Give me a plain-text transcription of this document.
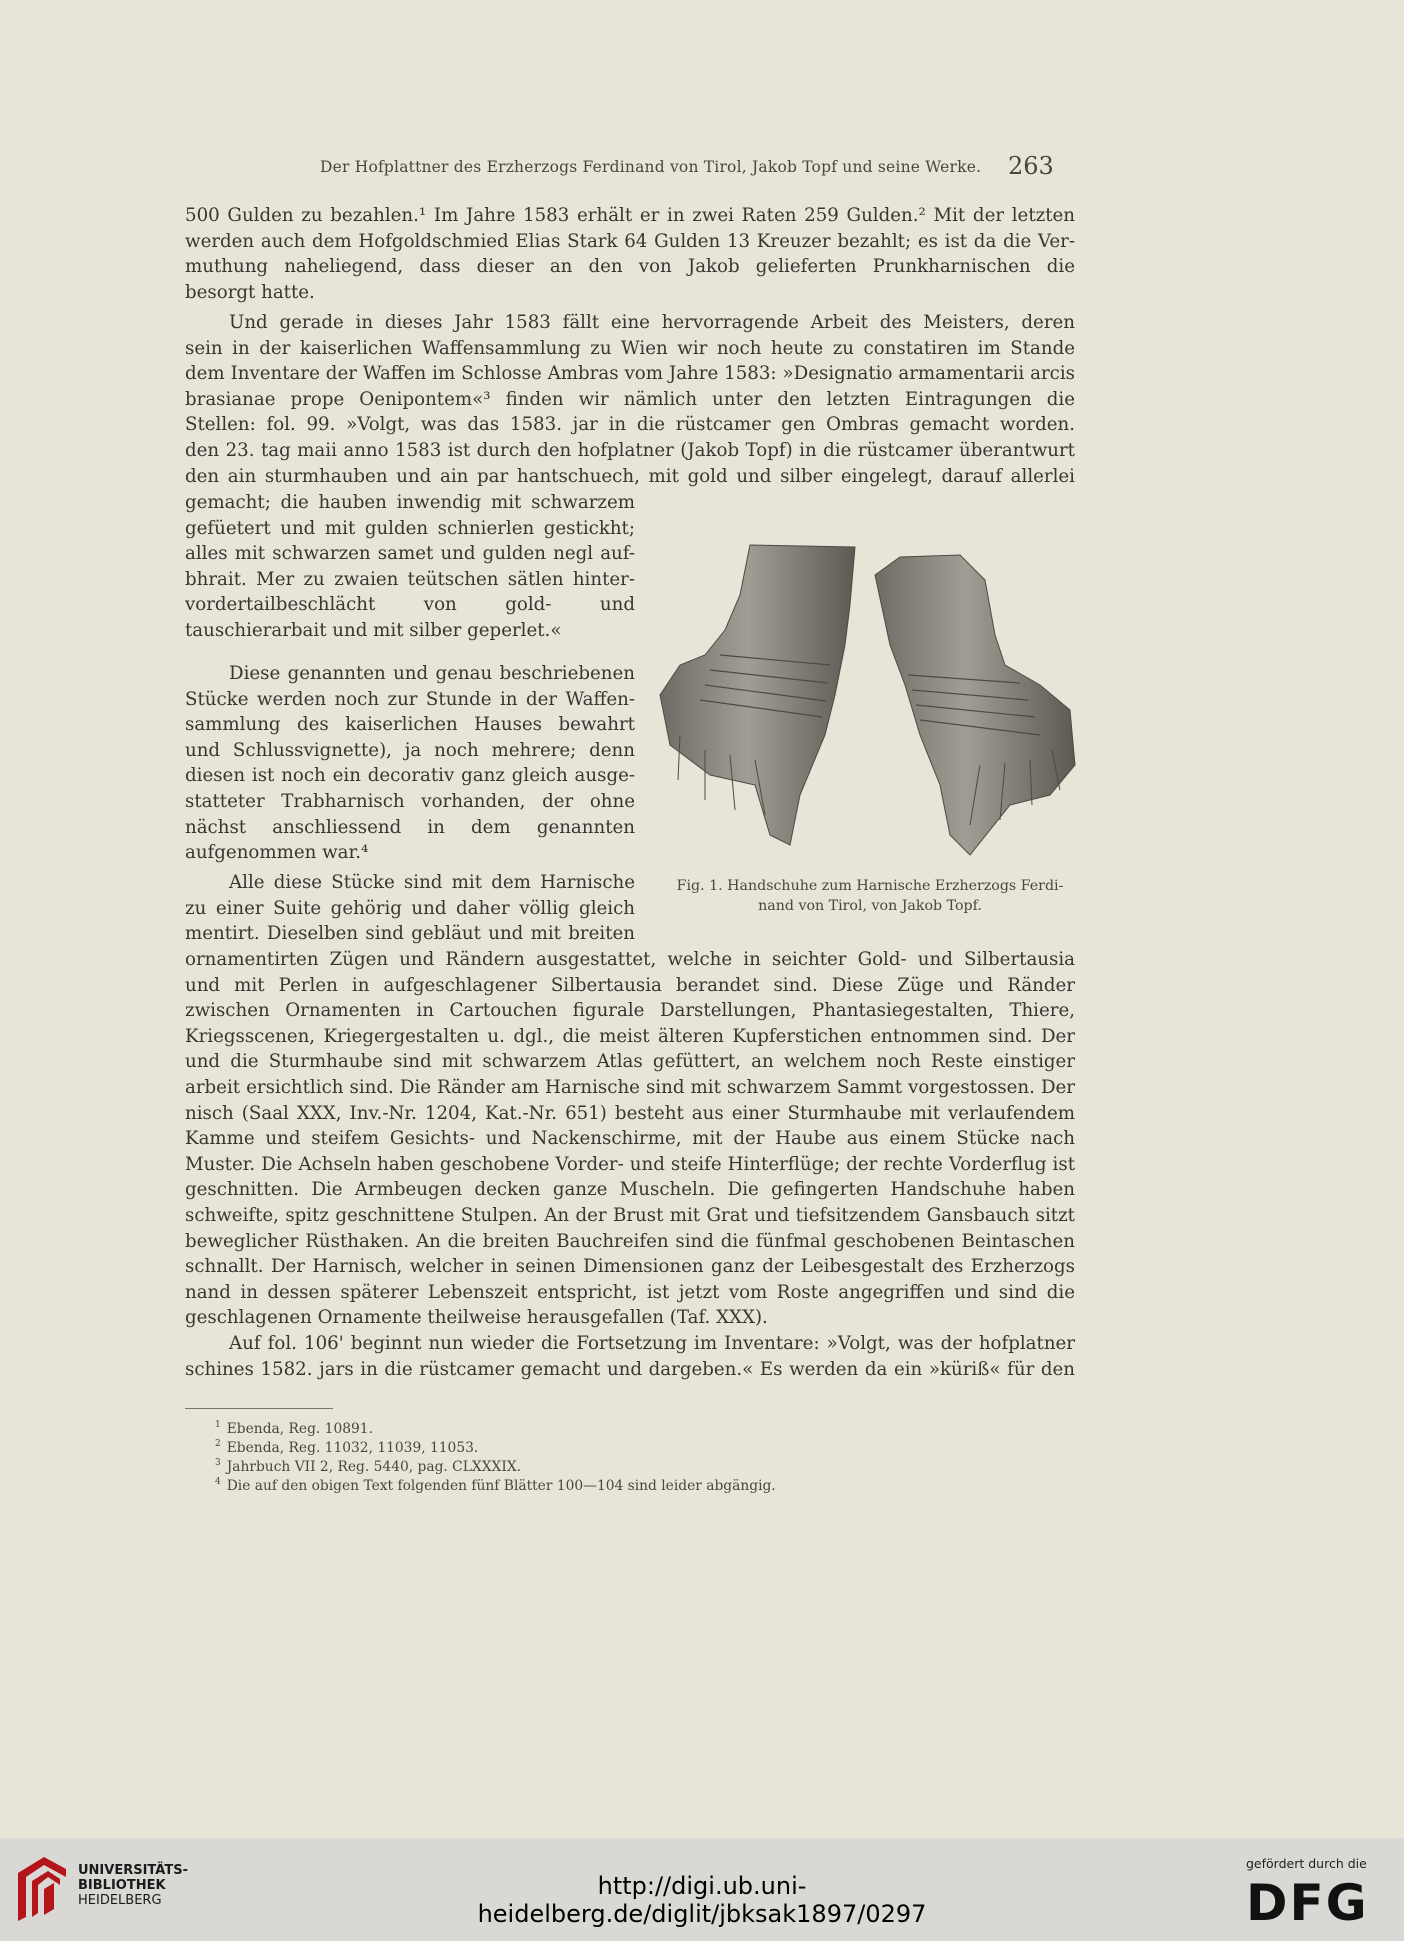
Der Hofplattner des Erzherzogs Ferdinand von Tirol, Jakob Topf und seine Werke.	263
500 Gulden zu bezahlen.¹ Im Jahre 1583 erhält er in zwei Raten 259 Gulden.² Mit der letzten
werden auch dem Hofgoldschmied Elias Stark 64 Gulden 13 Kreuzer bezahlt; es ist da die Ver-
muthung naheliegend, dass dieser an den von Jakob gelieferten Prunkharnischen die
besorgt hatte.
Und gerade in dieses Jahr 1583 fällt eine hervorragende Arbeit des Meisters, deren
sein in der kaiserlichen Waffensammlung zu Wien wir noch heute zu constatiren im Stande
dem Inventare der Waffen im Schlosse Ambras vom Jahre 1583: »Designatio armamentarii arcis
brasianae prope Oenipontem«³ finden wir nämlich unter den letzten Eintragungen die
Stellen: fol. 99. »Volgt, was das 1583. jar in die rüstcamer gen Ombras gemacht worden.
den 23. tag maii anno 1583 ist durch den hofplatner (Jakob Topf) in die rüstcamer überantwurt
den ain sturmhauben und ain par hantschuech, mit gold und silber eingelegt, darauf allerlei
gemacht; die hauben inwendig mit schwarzem
gefüetert und mit gulden schnierlen gestickht;
alles mit schwarzen samet und gulden negl auf-
bhrait. Mer zu zwaien teütschen sätlen hinter-
vordertailbeschlächt von gold- und
tauschierarbait und mit silber geperlet.«
Diese genannten und genau beschriebenen
Stücke werden noch zur Stunde in der Waffen-
sammlung des kaiserlichen Hauses bewahrt
und Schlussvignette), ja noch mehrere; denn
diesen ist noch ein decorativ ganz gleich ausge-
statteter Trabharnisch vorhanden, der ohne
nächst anschliessend in dem genannten
aufgenommen war.⁴
Alle diese Stücke sind mit dem Harnische
zu einer Suite gehörig und daher völlig gleich
mentirt. Dieselben sind gebläut und mit breiten
ornamentirten Zügen und Rändern ausgestattet, welche in seichter Gold- und Silbertausia
und mit Perlen in aufgeschlagener Silbertausia berandet sind. Diese Züge und Ränder
zwischen Ornamenten in Cartouchen figurale Darstellungen, Phantasiegestalten, Thiere,
Kriegsscenen, Kriegergestalten u. dgl., die meist älteren Kupferstichen entnommen sind. Der
und die Sturmhaube sind mit schwarzem Atlas gefüttert, an welchem noch Reste einstiger
arbeit ersichtlich sind. Die Ränder am Harnische sind mit schwarzem Sammt vorgestossen. Der
nisch (Saal XXX, Inv.-Nr. 1204, Kat.-Nr. 651) besteht aus einer Sturmhaube mit verlaufendem
Kamme und steifem Gesichts- und Nackenschirme, mit der Haube aus einem Stücke nach
Muster. Die Achseln haben geschobene Vorder- und steife Hinterflüge; der rechte Vorderflug ist
geschnitten. Die Armbeugen decken ganze Muscheln. Die gefingerten Handschuhe haben
schweifte, spitz geschnittene Stulpen. An der Brust mit Grat und tiefsitzendem Gansbauch sitzt
beweglicher Rüsthaken. An die breiten Bauchreifen sind die fünfmal geschobenen Beintaschen
schnallt. Der Harnisch, welcher in seinen Dimensionen ganz der Leibesgestalt des Erzherzogs
nand in dessen späterer Lebenszeit entspricht, ist jetzt vom Roste angegriffen und sind die
geschlagenen Ornamente theilweise herausgefallen (Taf. XXX).
Auf fol. 106' beginnt nun wieder die Fortsetzung im Inventare: »Volgt, was der hofplatner
schines 1582. jars in die rüstcamer gemacht und dargeben.« Es werden da ein »küriß« für den
Fig. 1. Handschuhe zum Harnische Erzherzogs Ferdi-
nand von Tirol, von Jakob Topf.
$^1$ Ebenda, Reg. 10891.
$^2$ Ebenda, Reg. 11032, 11039, 11053.
$^3$ Jahrbuch VII 2, Reg. 5440, pag. CLXXXIX.
$^4$ Die auf den obigen Text folgenden fünf Blätter 100—104 sind leider abgängig.
UNIVERSITÄTS-
BIBLIOTHEK
HEIDELBERG
http://digi.ub.uni-heidelberg.de/diglit/jbksak1897/0297
gefördert durch die
DFG
